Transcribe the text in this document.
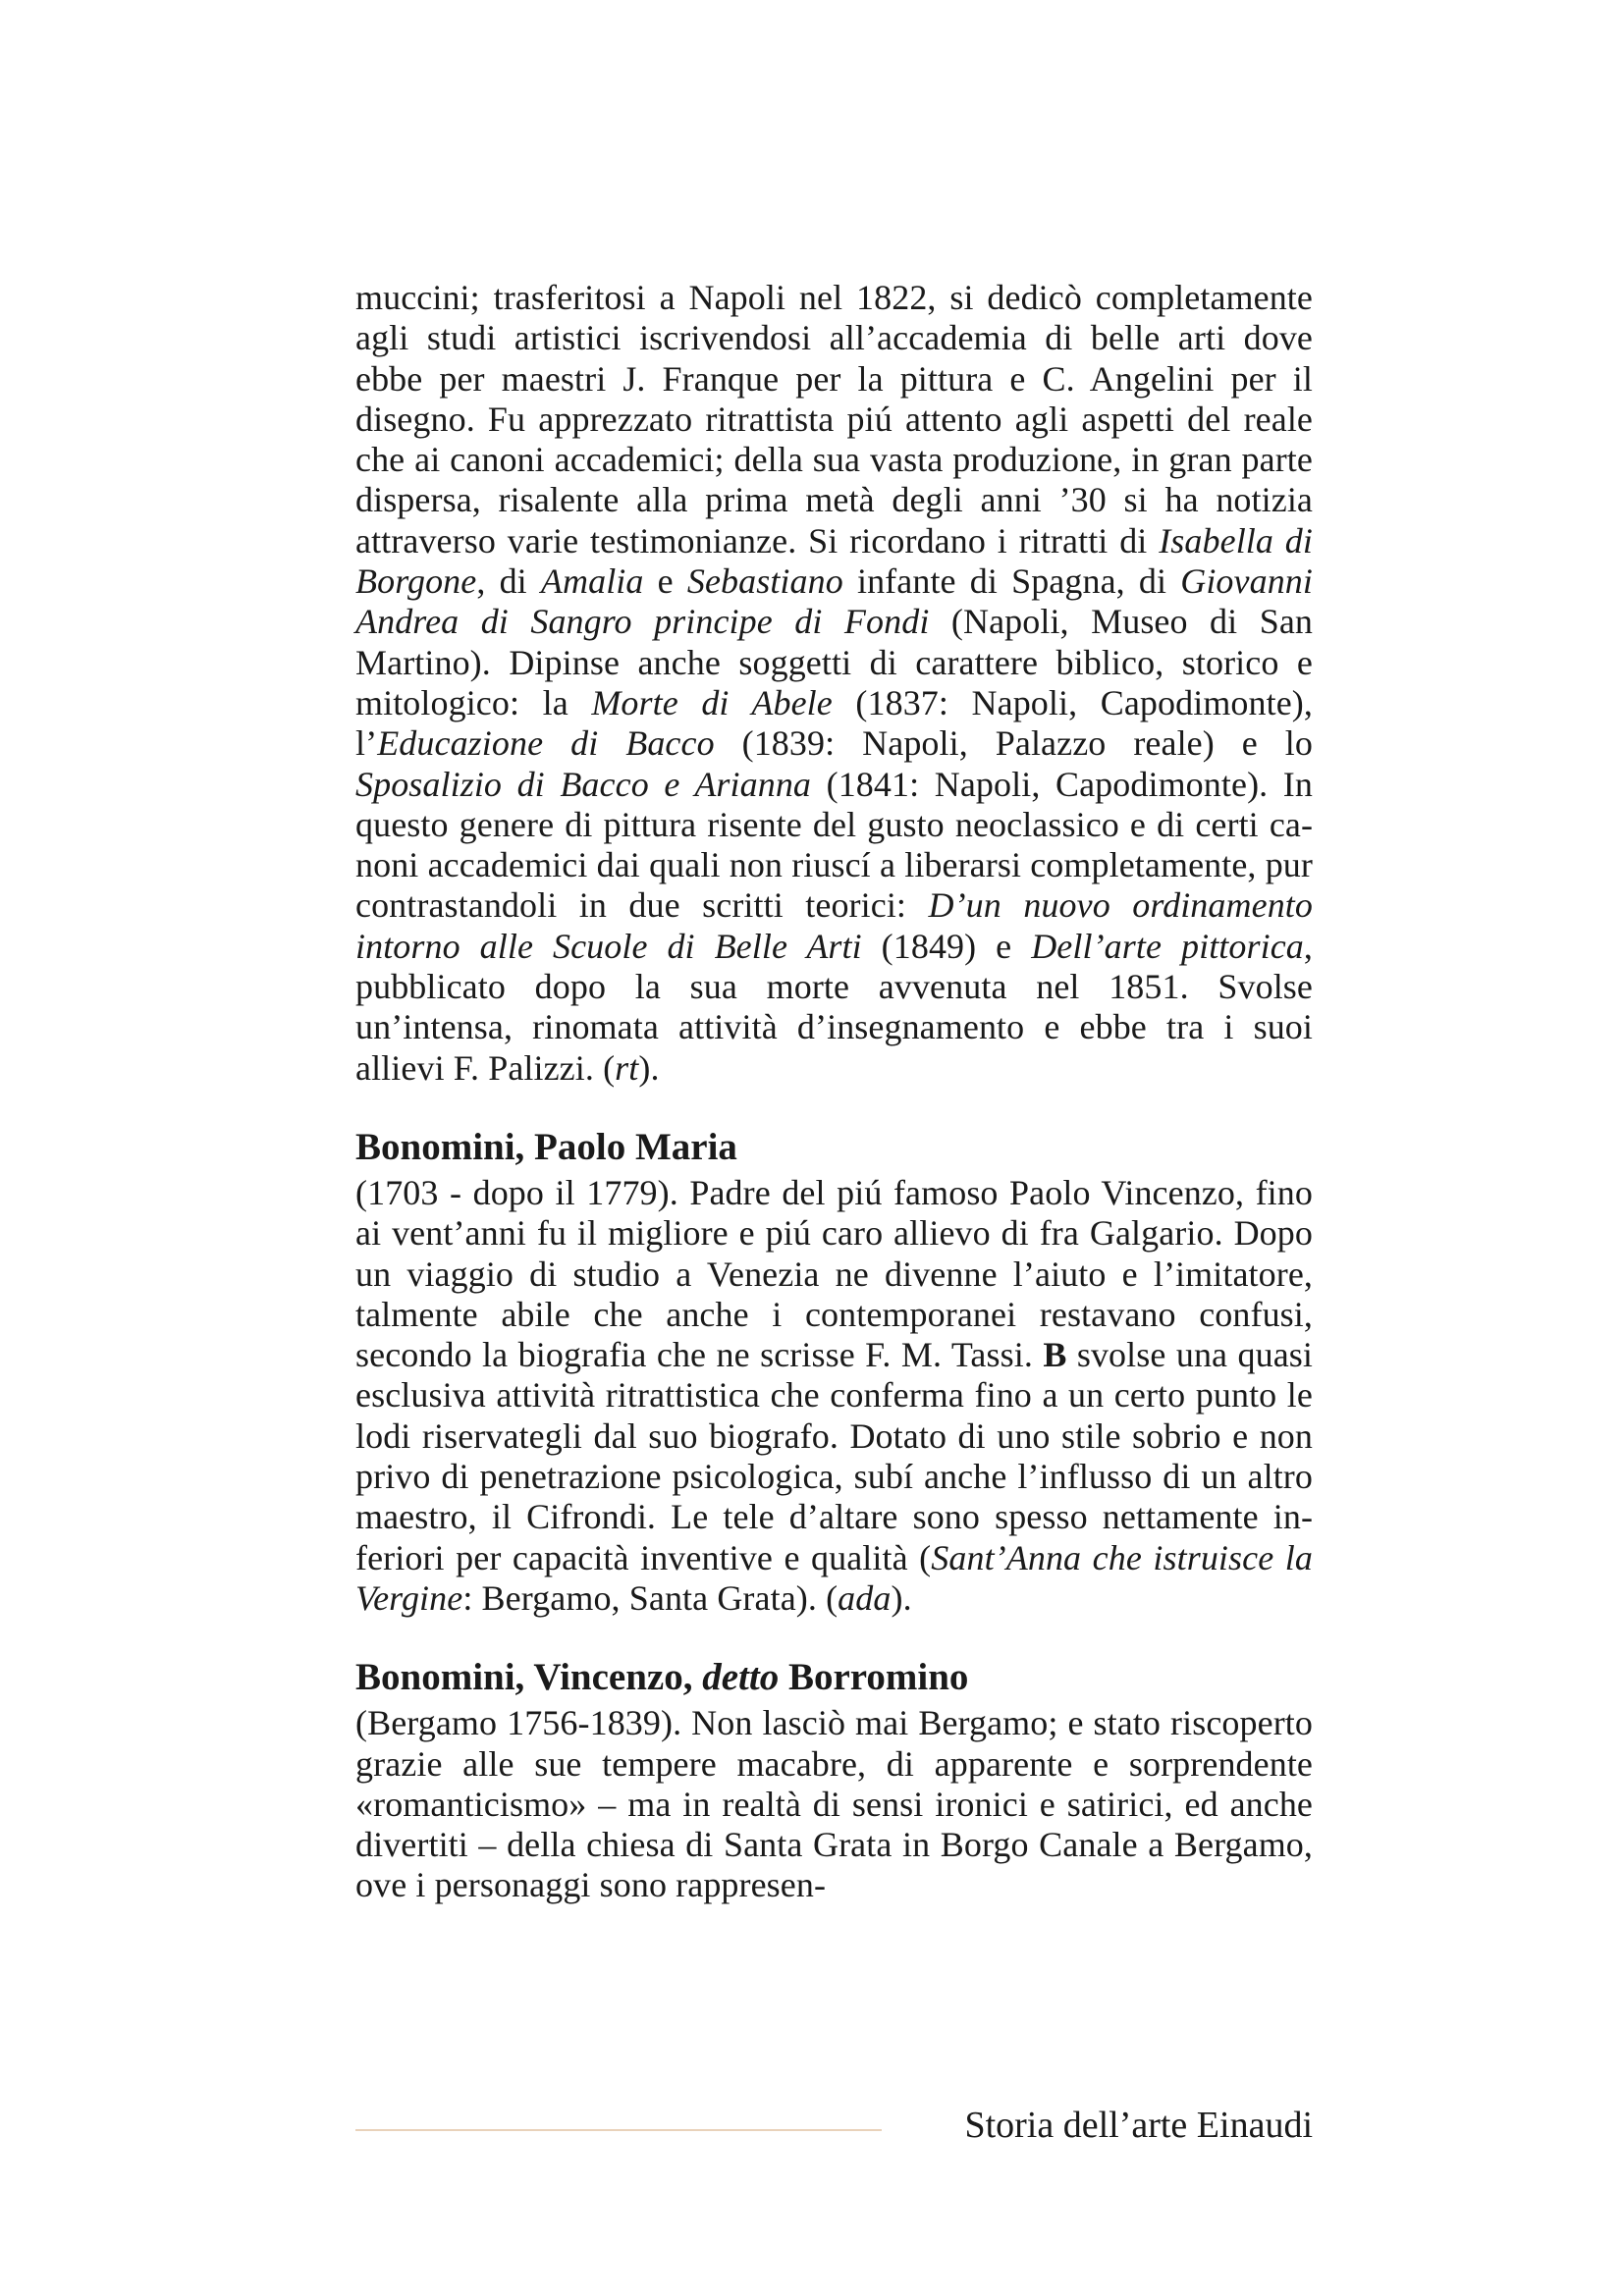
muccini; trasferitosi a Napoli nel 1822, si dedicò completamente agli studi artistici iscrivendosi all’accademia di belle arti dove ebbe per maestri J. Franque per la pittura e C. Angelini per il disegno. Fu apprezzato ritrattista piú attento agli aspetti del reale che ai canoni accademici; della sua vasta produzione, in gran parte dispersa, risalente alla prima metà degli anni ’30 si ha notizia attraverso varie testimonianze. Si ricordano i ritratti di Isabella di Borgone, di Amalia e Sebastiano infante di Spagna, di Giovanni Andrea di Sangro principe di Fondi (Napoli, Museo di San Martino). Dipinse anche soggetti di carattere biblico, storico e mitologico: la Morte di Abele (1837: Napoli, Capodimonte), l’Educazione di Bacco (1839: Napoli, Palazzo reale) e lo Sposalizio di Bacco e Arianna (1841: Napoli, Capodimonte). In questo genere di pittura risente del gusto neoclassico e di certi canoni accademici dai quali non riuscí a liberarsi completamente, pur contrastandoli in due scritti teorici: D’un nuovo ordinamento intorno alle Scuole di Belle Arti (1849) e Dell’arte pittorica, pubblicato dopo la sua morte avvenuta nel 1851. Svolse un’intensa, rinomata attività d’insegnamento e ebbe tra i suoi allievi F. Palizzi. (rt).

Bonomini, Paolo Maria

(1703 - dopo il 1779). Padre del piú famoso Paolo Vincenzo, fino ai vent’anni fu il migliore e piú caro allievo di fra Galgario. Dopo un viaggio di studio a Venezia ne divenne l’aiuto e l’imitatore, talmente abile che anche i contemporanei restavano confusi, secondo la biografia che ne scrisse F. M. Tassi. B svolse una quasi esclusiva attività ritrattistica che conferma fino a un certo punto le lodi riservategli dal suo biografo. Dotato di uno stile sobrio e non privo di penetrazione psicologica, subí anche l’influsso di un altro maestro, il Cifrondi. Le tele d’altare sono spesso nettamente inferiori per capacità inventive e qualità (Sant’Anna che istruisce la Vergine: Bergamo, Santa Grata). (ada).

Bonomini, Vincenzo, detto Borromino

(Bergamo 1756-1839). Non lasciò mai Bergamo; e stato riscoperto grazie alle sue tempere macabre, di apparente e sorprendente «romanticismo» – ma in realtà di sensi ironici e satirici, ed anche divertiti – della chiesa di Santa Grata in Borgo Canale a Bergamo, ove i personaggi sono rappresen-

Storia dell’arte Einaudi
